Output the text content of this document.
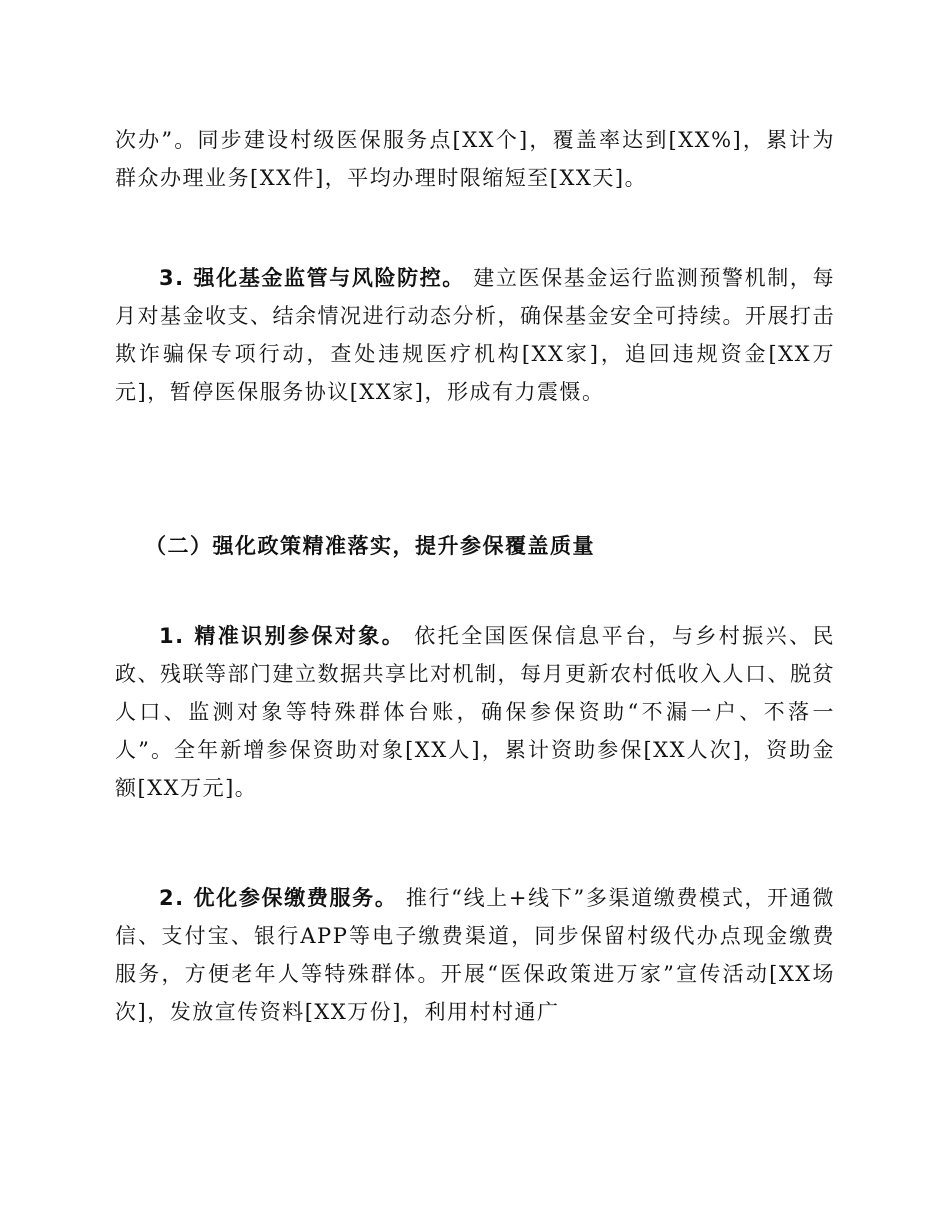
次办”。同步建设村级医保服务点[XX个]，覆盖率达到[XX%]，累计为群众办理业务[XX件]，平均办理时限缩短至[XX天]。

3. 强化基金监管与风险防控。 建立医保基金运行监测预警机制，每月对基金收支、结余情况进行动态分析，确保基金安全可持续。开展打击欺诈骗保专项行动，查处违规医疗机构[XX家]，追回违规资金[XX万元]，暂停医保服务协议[XX家]，形成有力震慑。

（二）强化政策精准落实，提升参保覆盖质量

1. 精准识别参保对象。 依托全国医保信息平台，与乡村振兴、民政、残联等部门建立数据共享比对机制，每月更新农村低收入人口、脱贫人口、监测对象等特殊群体台账，确保参保资助“不漏一户、不落一人”。全年新增参保资助对象[XX人]，累计资助参保[XX人次]，资助金额[XX万元]。

2. 优化参保缴费服务。 推行“线上+线下”多渠道缴费模式，开通微信、支付宝、银行APP等电子缴费渠道，同步保留村级代办点现金缴费服务，方便老年人等特殊群体。开展“医保政策进万家”宣传活动[XX场次]，发放宣传资料[XX万份]，利用村村通广
